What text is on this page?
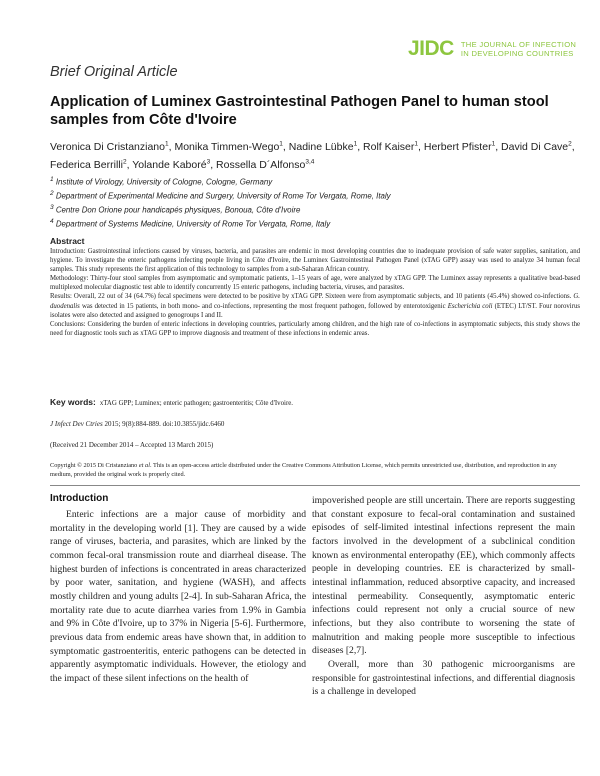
JIDC THE JOURNAL OF INFECTION
IN DEVELOPING COUNTRIES
Brief Original Article
Application of Luminex Gastrointestinal Pathogen Panel to human stool samples from Côte d'Ivoire
Veronica Di Cristanziano$^1$, Monika Timmen-Wego$^1$, Nadine Lübke$^1$, Rolf Kaiser$^1$, Herbert Pfister$^1$, David Di Cave$^2$, Federica Berrilli$^2$, Yolande Kaboré$^3$, Rossella D´Alfonso$^{3,4}$
$^1$ Institute of Virology, University of Cologne, Cologne, Germany
$^2$ Department of Experimental Medicine and Surgery, University of Rome Tor Vergata, Rome, Italy
$^3$ Centre Don Orione pour handicapés physiques, Bonoua, Côte d'Ivoire
$^4$ Department of Systems Medicine, University of Rome Tor Vergata, Rome, Italy
Abstract

Introduction: Gastrointestinal infections caused by viruses, bacteria, and parasites are endemic in most developing countries due to inadequate provision of safe water supplies, sanitation, and hygiene. To investigate the enteric pathogens infecting people living in Côte d'Ivoire, the Luminex Gastrointestinal Pathogen Panel (xTAG GPP) assay was used to analyze 34 human fecal samples. This study represents the first application of this technology to samples from a sub-Saharan African country.

Methodology: Thirty-four stool samples from asymptomatic and symptomatic patients, 1–15 years of age, were analyzed by xTAG GPP. The Luminex assay represents a qualitative bead-based multiplexed molecular diagnostic test able to identify concurrently 15 enteric pathogens, including bacteria, viruses, and parasites.

Results: Overall, 22 out of 34 (64.7%) fecal specimens were detected to be positive by xTAG GPP. Sixteen were from asymptomatic subjects, and 10 patients (45.4%) showed co-infections. G. duodenalis was detected in 15 patients, in both mono- and co-infections, representing the most frequent pathogen, followed by enterotoxigenic Escherichia coli (ETEC) LT/ST. Four norovirus isolates were also detected and assigned to genogroups I and II.

Conclusions: Considering the burden of enteric infections in developing countries, particularly among children, and the high rate of co-infections in asymptomatic subjects, this study shows the need for diagnostic tools such as xTAG GPP to improve diagnosis and treatment of these infections in endemic areas.

Key words: xTAG GPP; Luminex; enteric pathogen; gastroenteritis; Côte d'Ivoire.
J Infect Dev Ctries 2015; 9(8):884-889. doi:10.3855/jidc.6460
(Received 21 December 2014 – Accepted 13 March 2015)
Copyright © 2015 Di Cristanziano et al. This is an open-access article distributed under the Creative Commons Attribution License, which permits unrestricted use, distribution, and reproduction in any medium, provided the original work is properly cited.
Introduction

Enteric infections are a major cause of morbidity and mortality in the developing world [1]. They are caused by a wide range of viruses, bacteria, and parasites, which are linked by the common fecal-oral transmission route and diarrheal disease. The highest burden of infections is concentrated in areas characterized by poor water, sanitation, and hygiene (WASH), and affects mostly children and young adults [2-4]. In sub-Saharan Africa, the mortality rate due to acute diarrhea varies from 1.9% in Gambia and 9% in Côte d'Ivoire, up to 37% in Nigeria [5-6]. Furthermore, previous data from endemic areas have shown that, in addition to symptomatic gastroenteritis, enteric pathogens can be detected in apparently asymptomatic individuals. However, the etiology and the impact of these silent infections on the health of

impoverished people are still uncertain. There are reports suggesting that constant exposure to fecal-oral contamination and sustained episodes of self-limited intestinal infections represent the main factors involved in the development of a subclinical condition known as environmental enteropathy (EE), which commonly affects people in developing countries. EE is characterized by small-intestinal inflammation, reduced absorptive capacity, and increased intestinal permeability. Consequently, asymptomatic enteric infections could represent not only a crucial source of new infections, but they also contribute to worsening the state of malnutrition and making people more susceptible to infectious diseases [2,7].

Overall, more than 30 pathogenic microorganisms are responsible for gastrointestinal infections, and differential diagnosis is a challenge in developed
